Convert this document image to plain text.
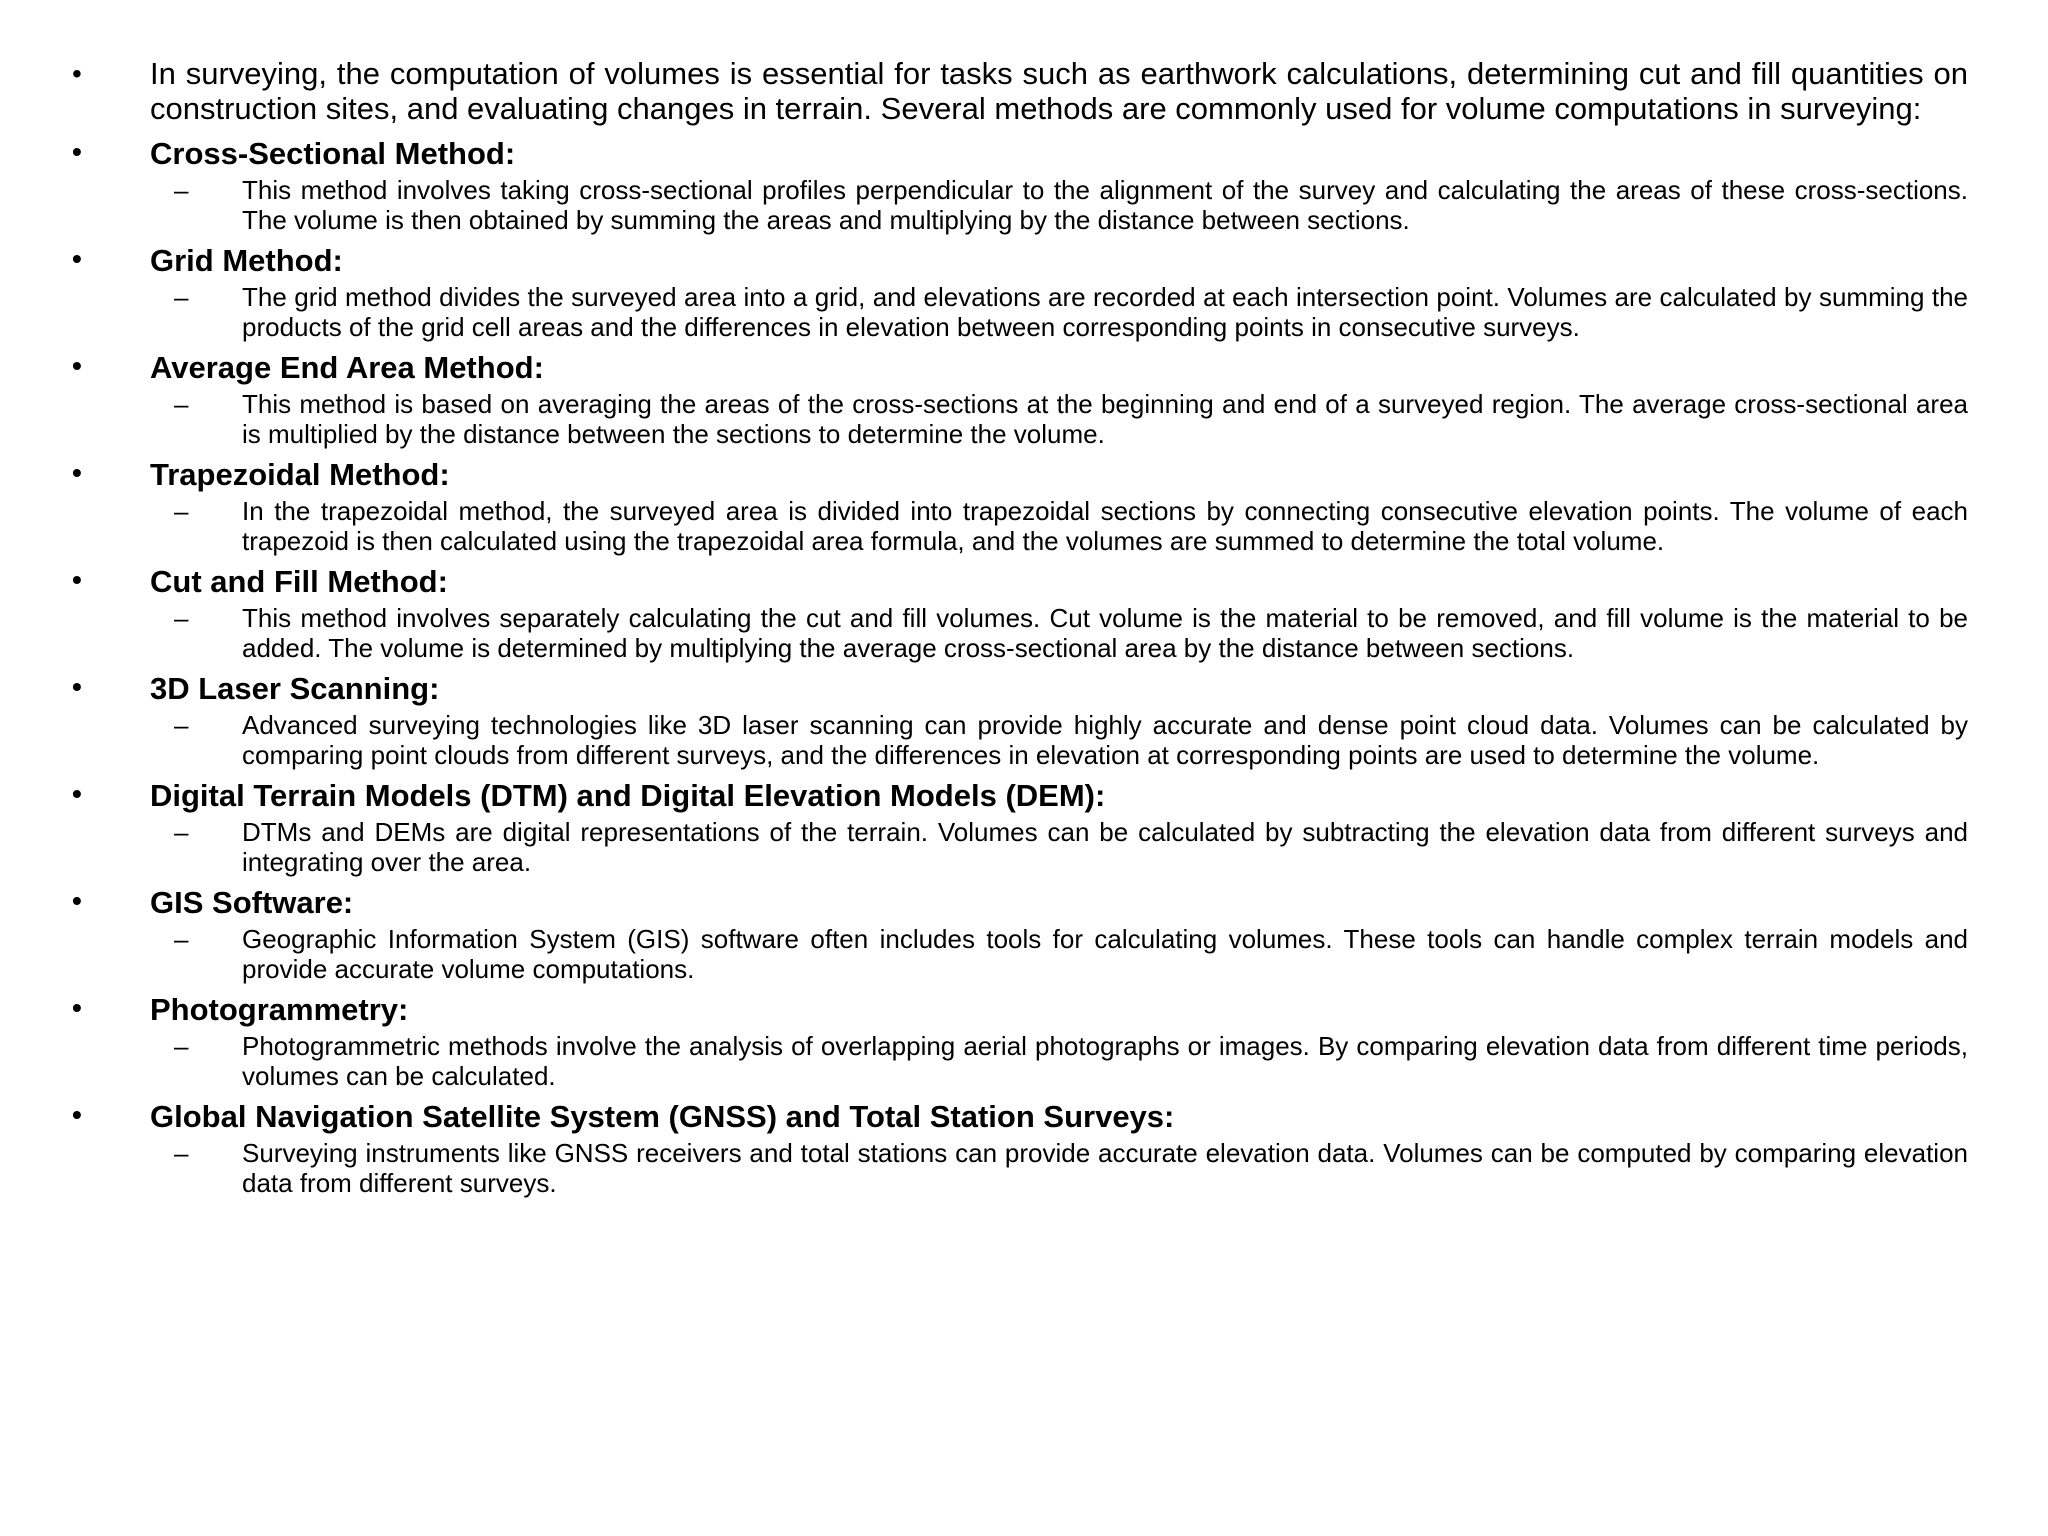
•	In surveying, the computation of volumes is essential for tasks such as earthwork calculations, determining cut and fill quantities on construction sites, and evaluating changes in terrain. Several methods are commonly used for volume computations in surveying:
•	Cross-Sectional Method:
–	This method involves taking cross-sectional profiles perpendicular to the alignment of the survey and calculating the areas of these cross-sections. The volume is then obtained by summing the areas and multiplying by the distance between sections.
•	Grid Method:
–	The grid method divides the surveyed area into a grid, and elevations are recorded at each intersection point. Volumes are calculated by summing the products of the grid cell areas and the differences in elevation between corresponding points in consecutive surveys.
•	Average End Area Method:
–	This method is based on averaging the areas of the cross-sections at the beginning and end of a surveyed region. The average cross-sectional area is multiplied by the distance between the sections to determine the volume.
•	Trapezoidal Method:
–	In the trapezoidal method, the surveyed area is divided into trapezoidal sections by connecting consecutive elevation points. The volume of each trapezoid is then calculated using the trapezoidal area formula, and the volumes are summed to determine the total volume.
•	Cut and Fill Method:
–	This method involves separately calculating the cut and fill volumes. Cut volume is the material to be removed, and fill volume is the material to be added. The volume is determined by multiplying the average cross-sectional area by the distance between sections.
•	3D Laser Scanning:
–	Advanced surveying technologies like 3D laser scanning can provide highly accurate and dense point cloud data. Volumes can be calculated by comparing point clouds from different surveys, and the differences in elevation at corresponding points are used to determine the volume.
•	Digital Terrain Models (DTM) and Digital Elevation Models (DEM):
–	DTMs and DEMs are digital representations of the terrain. Volumes can be calculated by subtracting the elevation data from different surveys and integrating over the area.
•	GIS Software:
–	Geographic Information System (GIS) software often includes tools for calculating volumes. These tools can handle complex terrain models and provide accurate volume computations.
•	Photogrammetry:
–	Photogrammetric methods involve the analysis of overlapping aerial photographs or images. By comparing elevation data from different time periods, volumes can be calculated.
•	Global Navigation Satellite System (GNSS) and Total Station Surveys:
–	Surveying instruments like GNSS receivers and total stations can provide accurate elevation data. Volumes can be computed by comparing elevation data from different surveys.
